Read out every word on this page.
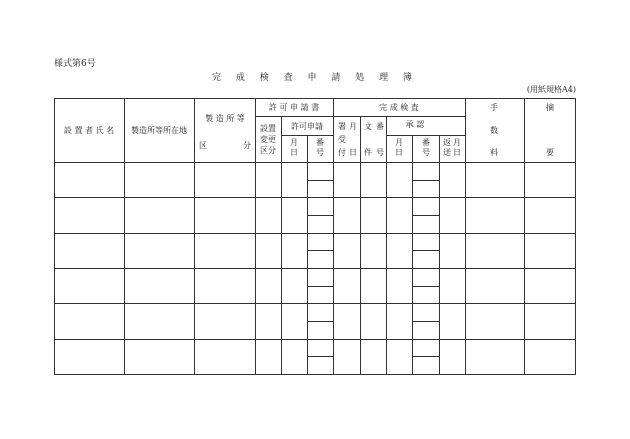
様式第6号
完 成 検 査 申 請 処 理 簿
(用紙規格A4)
設 置 者 氏 名 製造所等所在地
製 造 所 等
区	分
許 可 申 請 書
設置
変更
区分
許可申請
月
日
番
号
完 成 検 査
署 月
受
付 日
文 番
件 号
承 認
月
日
番
号
返
送
月
日
手
数
料
摘
要
